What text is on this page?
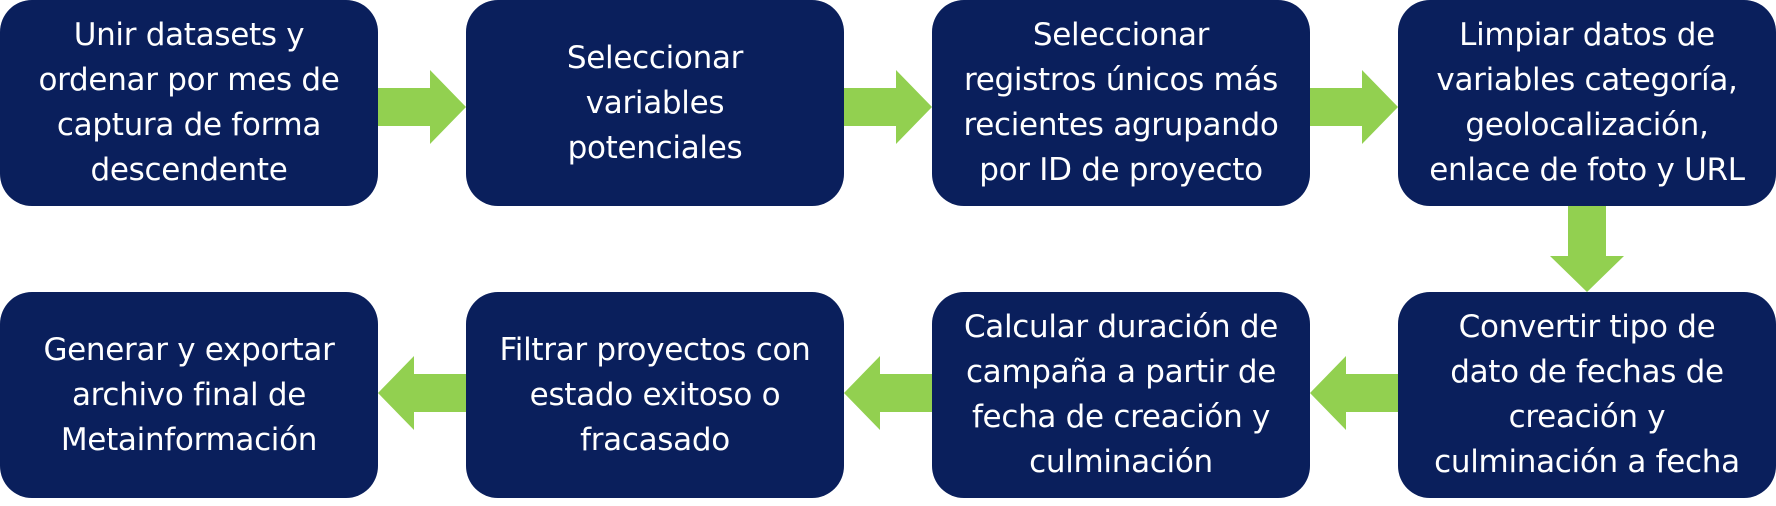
Unir datasets y
ordenar por mes de
captura de forma
descendente
Seleccionar
variables
potenciales
Seleccionar
registros únicos más
recientes agrupando
por ID de proyecto
Limpiar datos de
variables categoría,
geolocalización,
enlace de foto y URL
Convertir tipo de
dato de fechas de
creación y
culminación a fecha
Calcular duración de
campaña a partir de
fecha de creación y
culminación
Filtrar proyectos con
estado exitoso o
fracasado
Generar y exportar
archivo final de
Metainformación
